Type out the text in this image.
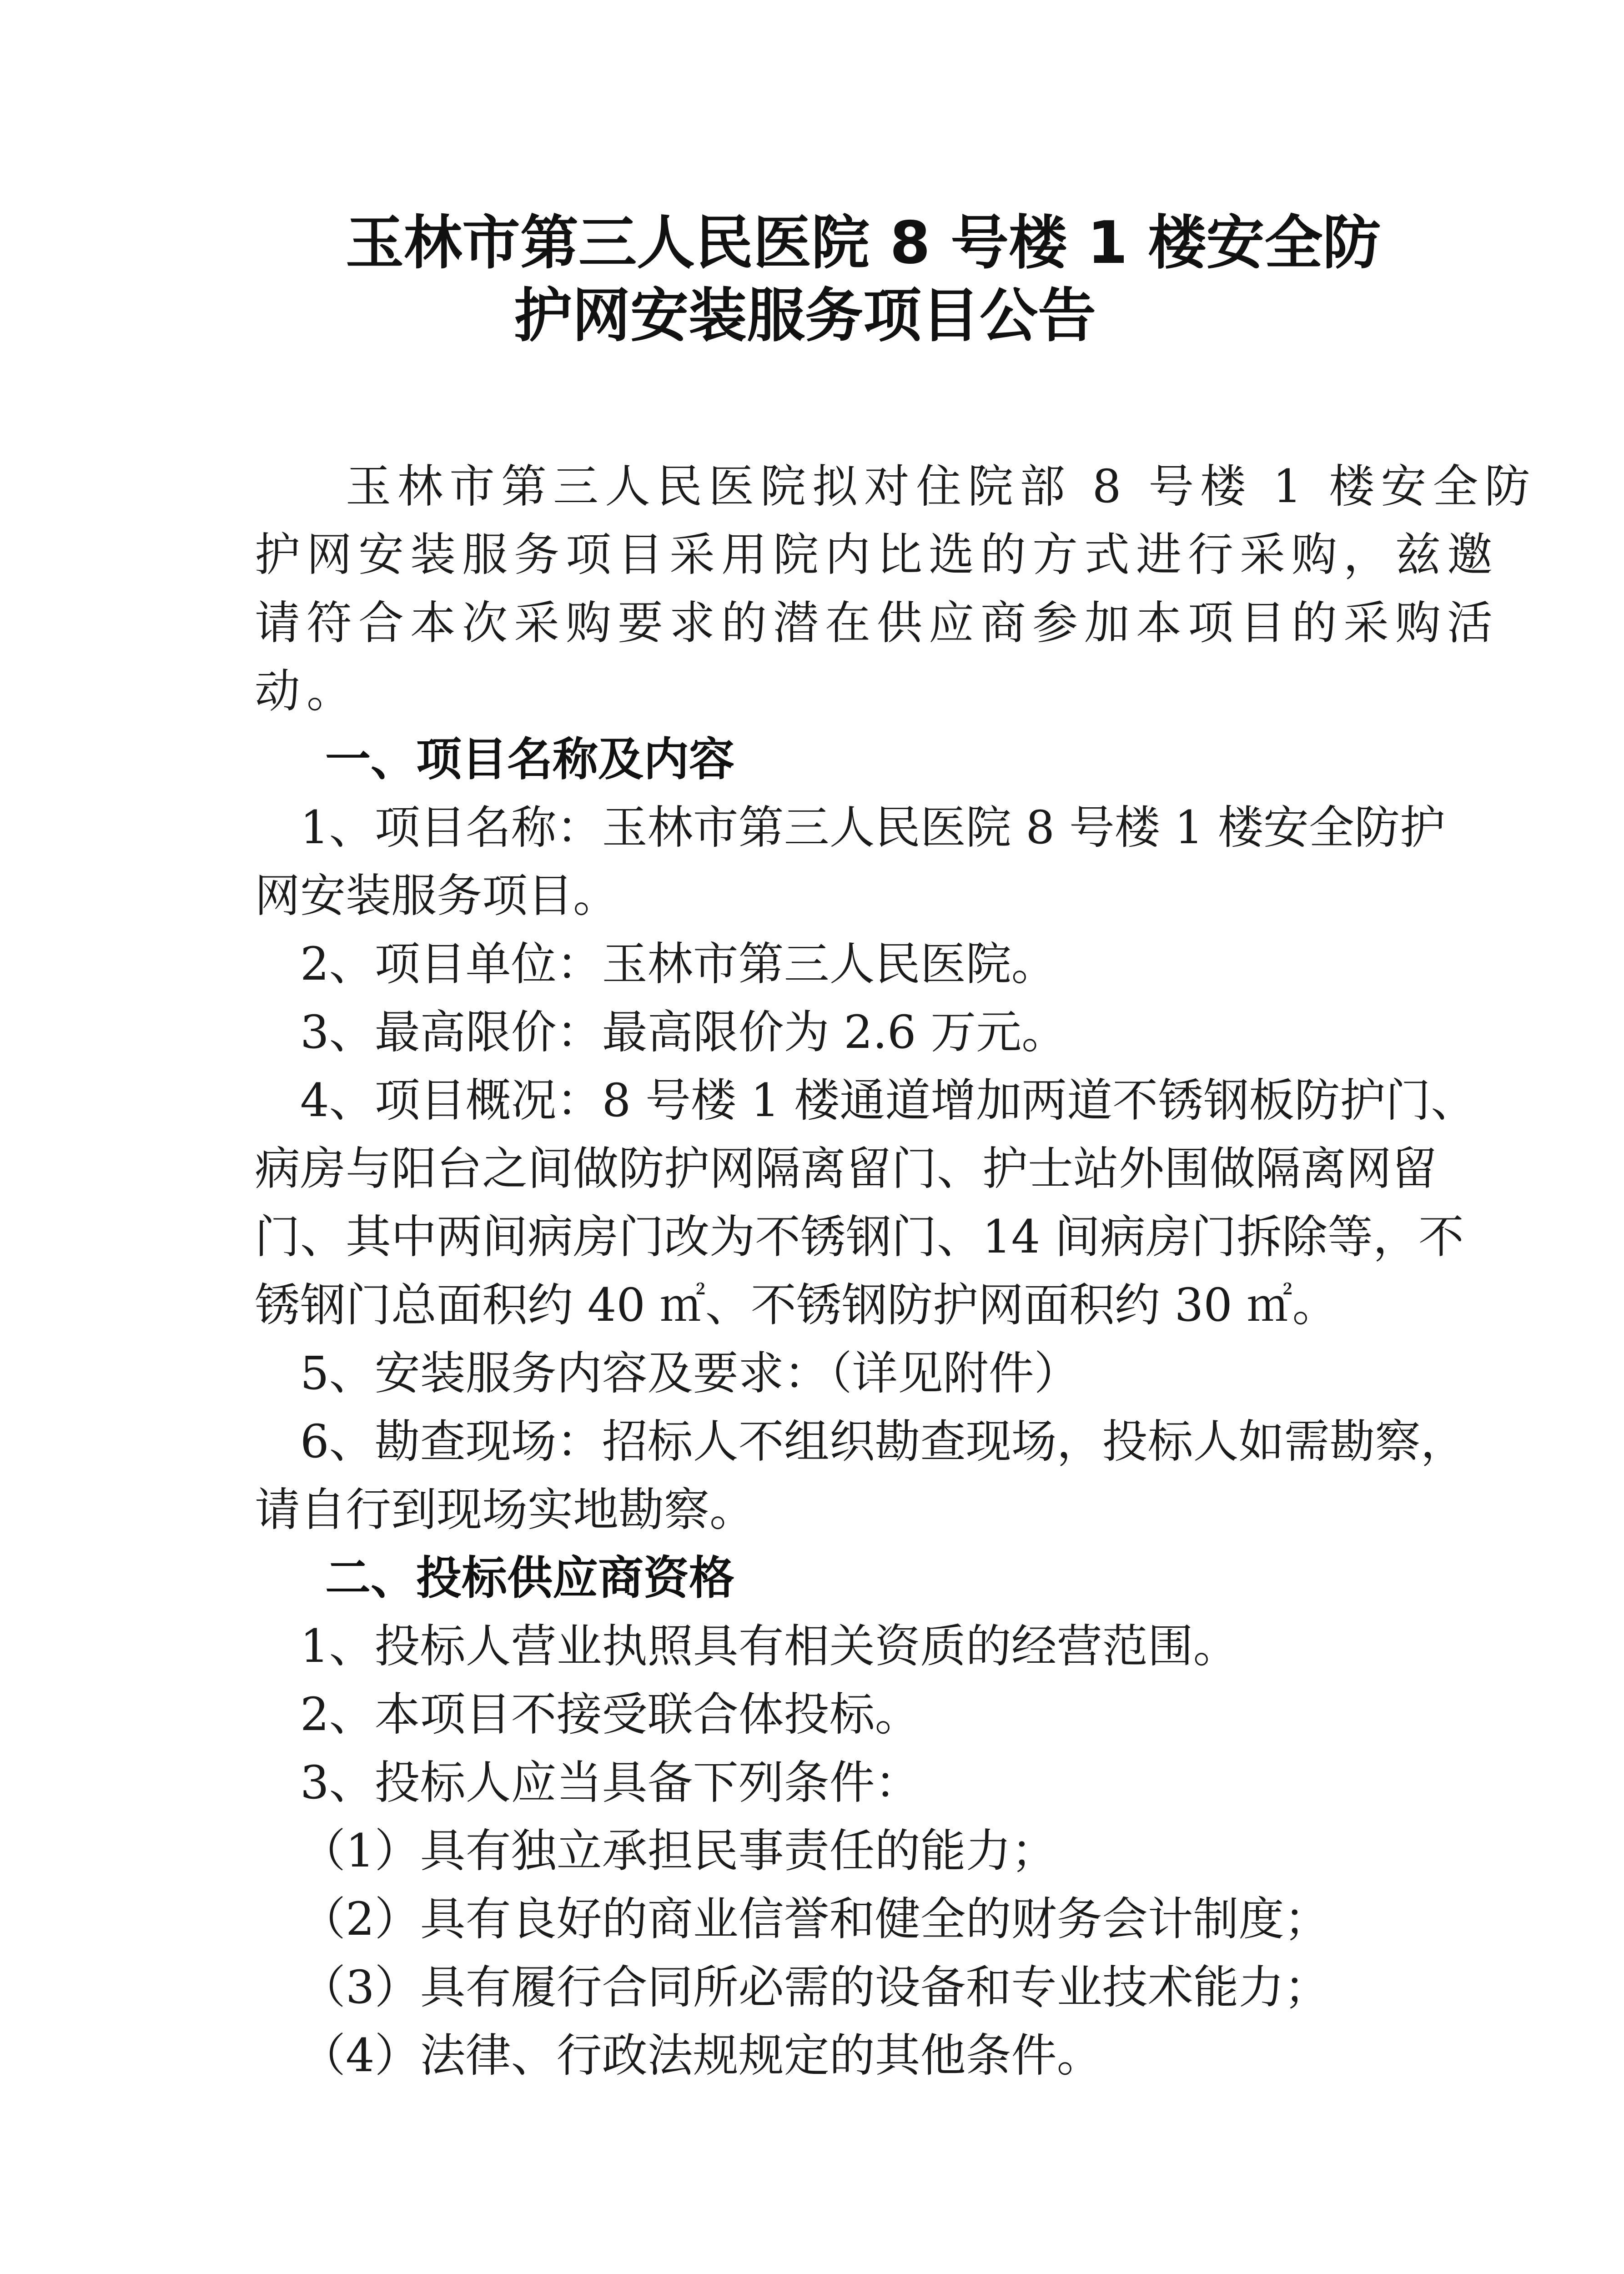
玉林市第三人民医院 8 号楼 1 楼安全防
护网安装服务项目公告
玉林市第三人民医院拟对住院部 8 号楼 1 楼安全防
护网安装服务项目采用院内比选的方式进行采购，兹邀
请符合本次采购要求的潜在供应商参加本项目的采购活
动。
一、项目名称及内容
1、项目名称：玉林市第三人民医院 8 号楼 1 楼安全防护
网安装服务项目。
2、项目单位：玉林市第三人民医院。
3、最高限价：最高限价为 2.6 万元。
4、项目概况：8 号楼 1 楼通道增加两道不锈钢板防护门、
病房与阳台之间做防护网隔离留门、护士站外围做隔离网留
门、其中两间病房门改为不锈钢门、14 间病房门拆除等，不
锈钢门总面积约 40 ㎡、不锈钢防护网面积约 30 ㎡。
5、安装服务内容及要求：（详见附件）
6、勘查现场：招标人不组织勘查现场，投标人如需勘察，
请自行到现场实地勘察。
二、投标供应商资格
1、投标人营业执照具有相关资质的经营范围。
2、本项目不接受联合体投标。
3、投标人应当具备下列条件：
（1）具有独立承担民事责任的能力；
（2）具有良好的商业信誉和健全的财务会计制度；
（3）具有履行合同所必需的设备和专业技术能力；
（4）法律、行政法规规定的其他条件。
